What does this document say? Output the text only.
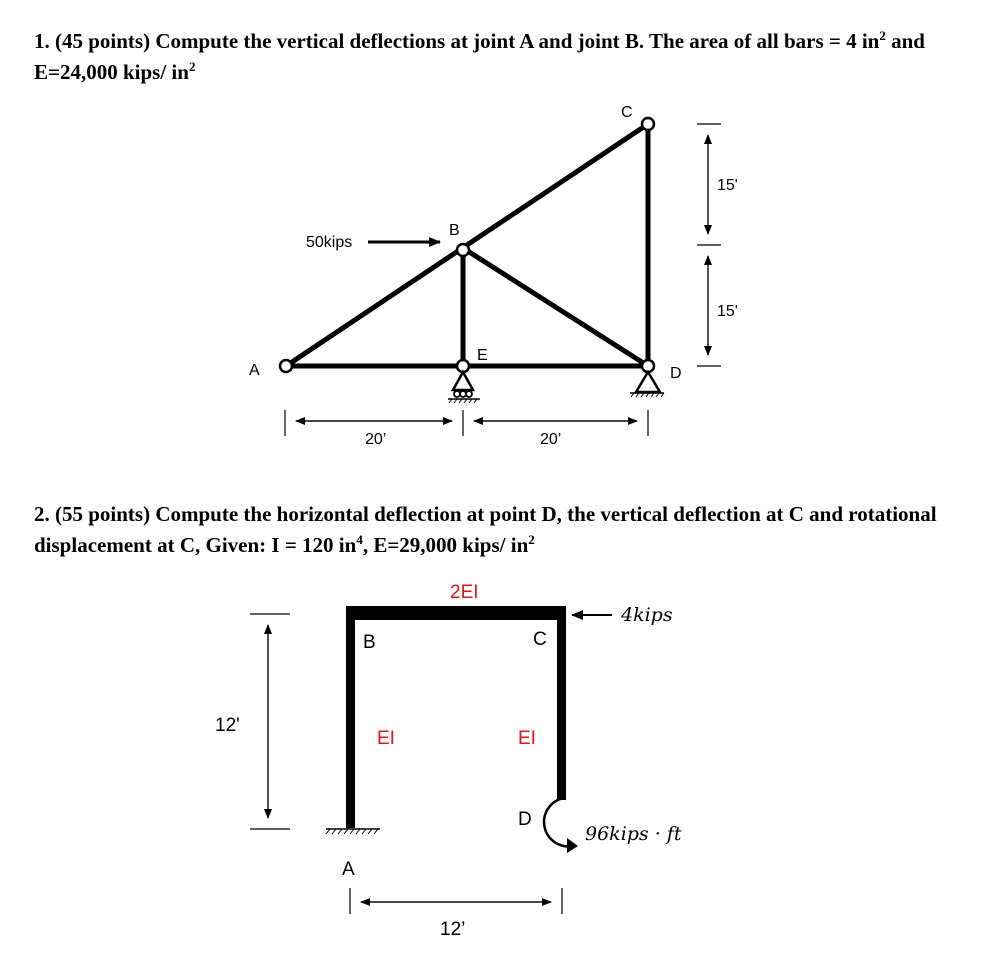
1. (45 points) Compute the vertical deflections at joint A and joint B. The area of all bars = 4 $in^2$ and E=24,000 kips/ $in^2$

2. (55 points) Compute the horizontal deflection at point D, the vertical deflection at C and rotational displacement at C, Given: I = 120 $in^4$, E=29,000 kips/ $in^2$

50kips
A
B
C
D
E
20’	20’
15'
15'
2EI
EI	EI
B	C
D
A
4kips
96kips · ft
12'
12’
